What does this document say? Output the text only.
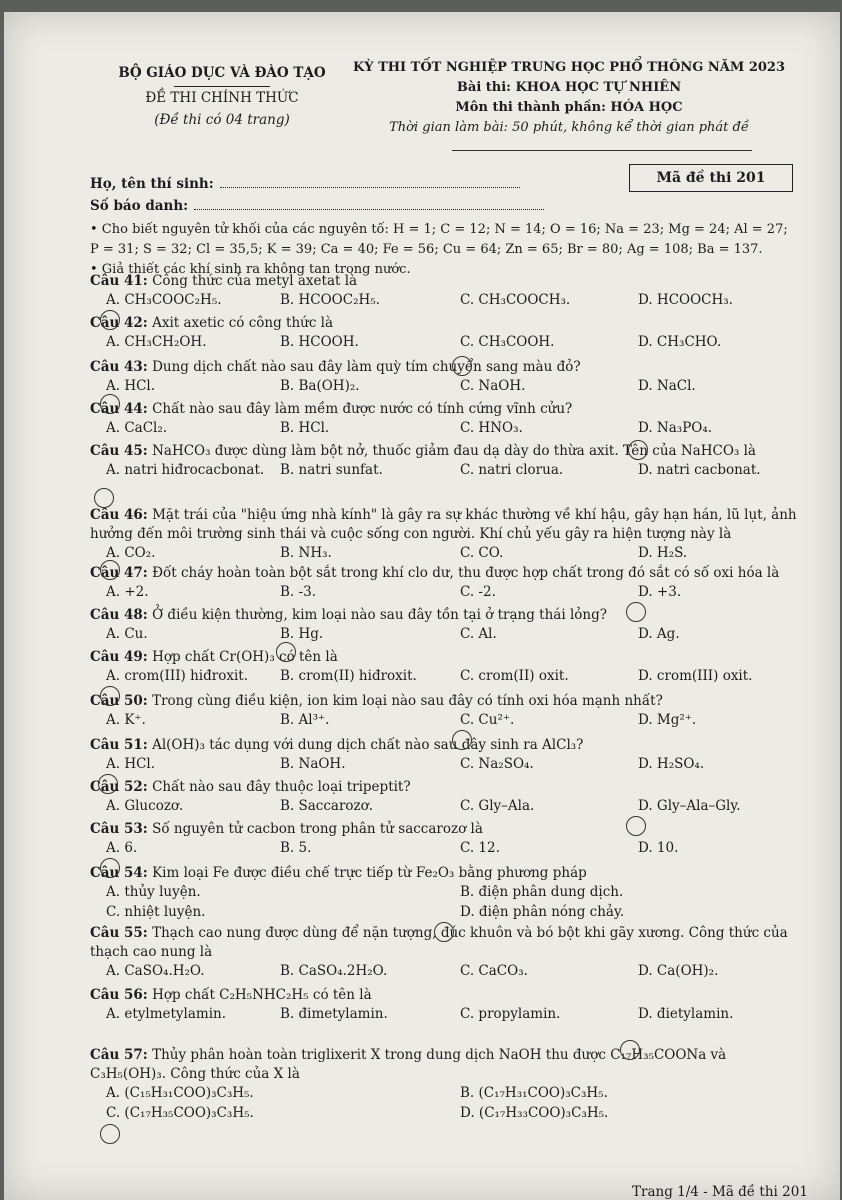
BỘ GIÁO DỤC VÀ ĐÀO TẠO
ĐỀ THI CHÍNH THỨC
(Đề thi có 04 trang)
KỲ THI TỐT NGHIỆP TRUNG HỌC PHỔ THÔNG NĂM 2023
Bài thi: KHOA HỌC TỰ NHIÊN
Môn thi thành phần: HÓA HỌC
Thời gian làm bài: 50 phút, không kể thời gian phát đề
Mã đề thi 201
Họ, tên thí sinh:
Số báo danh:
• Cho biết nguyên tử khối của các nguyên tố: H = 1; C = 12; N = 14; O = 16; Na = 23; Mg = 24; Al = 27;
P = 31; S = 32; Cl = 35,5; K = 39; Ca = 40; Fe = 56; Cu = 64; Zn = 65; Br = 80; Ag = 108; Ba = 137.
• Giả thiết các khí sinh ra không tan trong nước.
Câu 41: Công thức của metyl axetat là
A. CH₃COOC₂H₅.	B. HCOOC₂H₅.	C. CH₃COOCH₃.	D. HCOOCH₃.
Câu 42: Axit axetic có công thức là
A. CH₃CH₂OH.	B. HCOOH.	C. CH₃COOH.	D. CH₃CHO.
Câu 43: Dung dịch chất nào sau đây làm quỳ tím chuyển sang màu đỏ?
A. HCl.	B. Ba(OH)₂.	C. NaOH.	D. NaCl.
Câu 44: Chất nào sau đây làm mềm được nước có tính cứng vĩnh cửu?
A. CaCl₂.	B. HCl.	C. HNO₃.	D. Na₃PO₄.
Câu 45: NaHCO₃ được dùng làm bột nở, thuốc giảm đau dạ dày do thừa axit. Tên của NaHCO₃ là
A. natri hiđrocacbonat. B. natri sunfat.	C. natri clorua.	D. natri cacbonat.
Câu 46: Mặt trái của "hiệu ứng nhà kính" là gây ra sự khác thường về khí hậu, gây hạn hán, lũ lụt, ảnh
hưởng đến môi trường sinh thái và cuộc sống con người. Khí chủ yếu gây ra hiện tượng này là
A. CO₂.	B. NH₃.	C. CO.	D. H₂S.
Câu 47: Đốt cháy hoàn toàn bột sắt trong khí clo dư, thu được hợp chất trong đó sắt có số oxi hóa là
A. +2.	B. -3.	C. -2.	D. +3.
Câu 48: Ở điều kiện thường, kim loại nào sau đây tồn tại ở trạng thái lỏng?
A. Cu.	B. Hg.	C. Al.	D. Ag.
Câu 49: Hợp chất Cr(OH)₃ có tên là
A. crom(III) hiđroxit. B. crom(II) hiđroxit.	C. crom(II) oxit.	D. crom(III) oxit.
Câu 50: Trong cùng điều kiện, ion kim loại nào sau đây có tính oxi hóa mạnh nhất?
A. K⁺.	B. Al³⁺.	C. Cu²⁺.	D. Mg²⁺.
Câu 51: Al(OH)₃ tác dụng với dung dịch chất nào sau đây sinh ra AlCl₃?
A. HCl.	B. NaOH.	C. Na₂SO₄.	D. H₂SO₄.
Câu 52: Chất nào sau đây thuộc loại tripeptit?
A. Glucozơ.	B. Saccarozơ.	C. Gly–Ala.	D. Gly–Ala–Gly.
Câu 53: Số nguyên tử cacbon trong phân tử saccarozơ là
A. 6.	B. 5.	C. 12.	D. 10.
Câu 54: Kim loại Fe được điều chế trực tiếp từ Fe₂O₃ bằng phương pháp
A. thủy luyện.	B. điện phân dung dịch.
C. nhiệt luyện.	D. điện phân nóng chảy.
Câu 55: Thạch cao nung được dùng để nặn tượng, đúc khuôn và bó bột khi gãy xương. Công thức của
thạch cao nung là
A. CaSO₄.H₂O.	B. CaSO₄.2H₂O.	C. CaCO₃.	D. Ca(OH)₂.
Câu 56: Hợp chất C₂H₅NHC₂H₅ có tên là
A. etylmetylamin.	B. đimetylamin.	C. propylamin.	D. đietylamin.
Câu 57: Thủy phân hoàn toàn triglixerit X trong dung dịch NaOH thu được C₁₇H₃₅COONa và
C₃H₅(OH)₃. Công thức của X là
A. (C₁₅H₃₁COO)₃C₃H₅.	B. (C₁₇H₃₁COO)₃C₃H₅.
C. (C₁₇H₃₅COO)₃C₃H₅.	D. (C₁₇H₃₃COO)₃C₃H₅.
Trang 1/4 - Mã đề thi 201
